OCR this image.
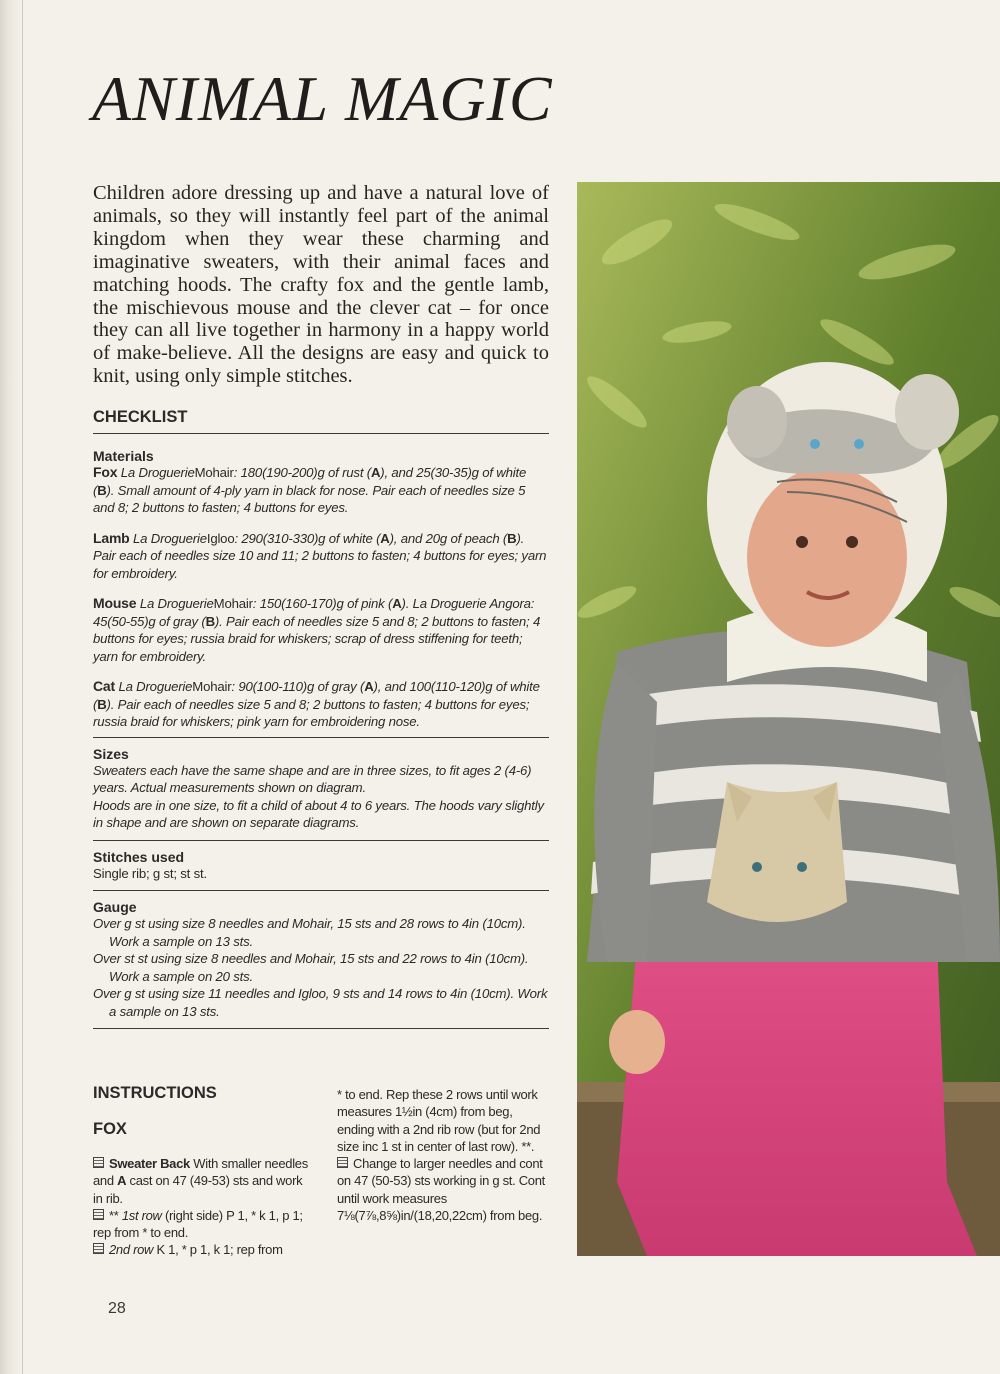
ANIMAL MAGIC

Children adore dressing up and have a natural love of animals, so they will instantly feel part of the animal kingdom when they wear these charming and imaginative sweaters, with their animal faces and matching hoods. The crafty fox and the gentle lamb, the mischievous mouse and the clever cat – for once they can all live together in harmony in a happy world of make-believe. All the designs are easy and quick to knit, using only simple stitches.

CHECKLIST

Materials

Fox La DroguerieMohair: 180(190-200)g of rust (A), and 25(30-35)g of white (B). Small amount of 4-ply yarn in black for nose. Pair each of needles size 5 and 8; 2 buttons to fasten; 4 buttons for eyes.

Lamb La DroguerieIgloo: 290(310-330)g of white (A), and 20g of peach (B). Pair each of needles size 10 and 11; 2 buttons to fasten; 4 buttons for eyes; yarn for embroidery.

Mouse La DroguerieMohair: 150(160-170)g of pink (A). La Droguerie Angora: 45(50-55)g of gray (B). Pair each of needles size 5 and 8; 2 buttons to fasten; 4 buttons for eyes; russia braid for whiskers; scrap of dress stiffening for teeth; yarn for embroidery.

Cat La DroguerieMohair: 90(100-110)g of gray (A), and 100(110-120)g of white (B). Pair each of needles size 5 and 8; 2 buttons to fasten; 4 buttons for eyes; russia braid for whiskers; pink yarn for embroidering nose.

Sizes

Sweaters each have the same shape and are in three sizes, to fit ages 2 (4-6) years. Actual measurements shown on diagram.

Hoods are in one size, to fit a child of about 4 to 6 years. The hoods vary slightly in shape and are shown on separate diagrams.

Stitches used

Single rib; g st; st st.

Gauge

Over g st using size 8 needles and Mohair, 15 sts and 28 rows to 4in (10cm). Work a sample on 13 sts.

Over st st using size 8 needles and Mohair, 15 sts and 22 rows to 4in (10cm). Work a sample on 20 sts.

Over g st using size 11 needles and Igloo, 9 sts and 14 rows to 4in (10cm). Work a sample on 13 sts.

INSTRUCTIONS

FOX

Sweater Back With smaller needles and A cast on 47 (49-53) sts and work in rib.

** 1st row (right side) P 1, * k 1, p 1; rep from * to end.

2nd row K 1, * p 1, k 1; rep from

* to end. Rep these 2 rows until work measures 1½in (4cm) from beg, ending with a 2nd rib row (but for 2nd size inc 1 st in center of last row). **.

Change to larger needles and cont on 47 (50-53) sts working in g st. Cont until work measures 7⅛(7⅞,8⅝)in/(18,20,22cm) from beg.

28
